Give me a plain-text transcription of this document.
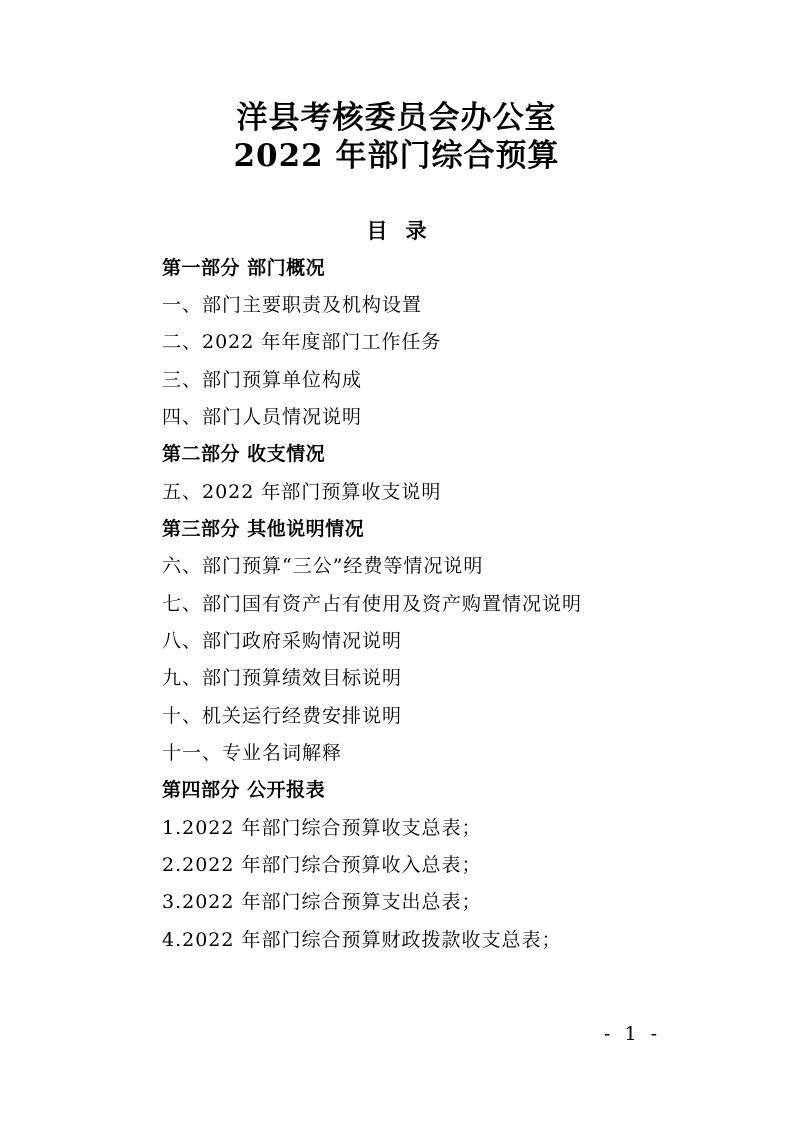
洋县考核委员会办公室
2022 年部门综合预算
目 录
第一部分 部门概况
一、部门主要职责及机构设置
二、2022 年年度部门工作任务
三、部门预算单位构成
四、部门人员情况说明
第二部分 收支情况
五、2022 年部门预算收支说明
第三部分 其他说明情况
六、部门预算“三公”经费等情况说明
七、部门国有资产占有使用及资产购置情况说明
八、部门政府采购情况说明
九、部门预算绩效目标说明
十、机关运行经费安排说明
十一、专业名词解释
第四部分 公开报表
1.2022 年部门综合预算收支总表；
2.2022 年部门综合预算收入总表；
3.2022 年部门综合预算支出总表；
4.2022 年部门综合预算财政拨款收支总表；
- 1 -
